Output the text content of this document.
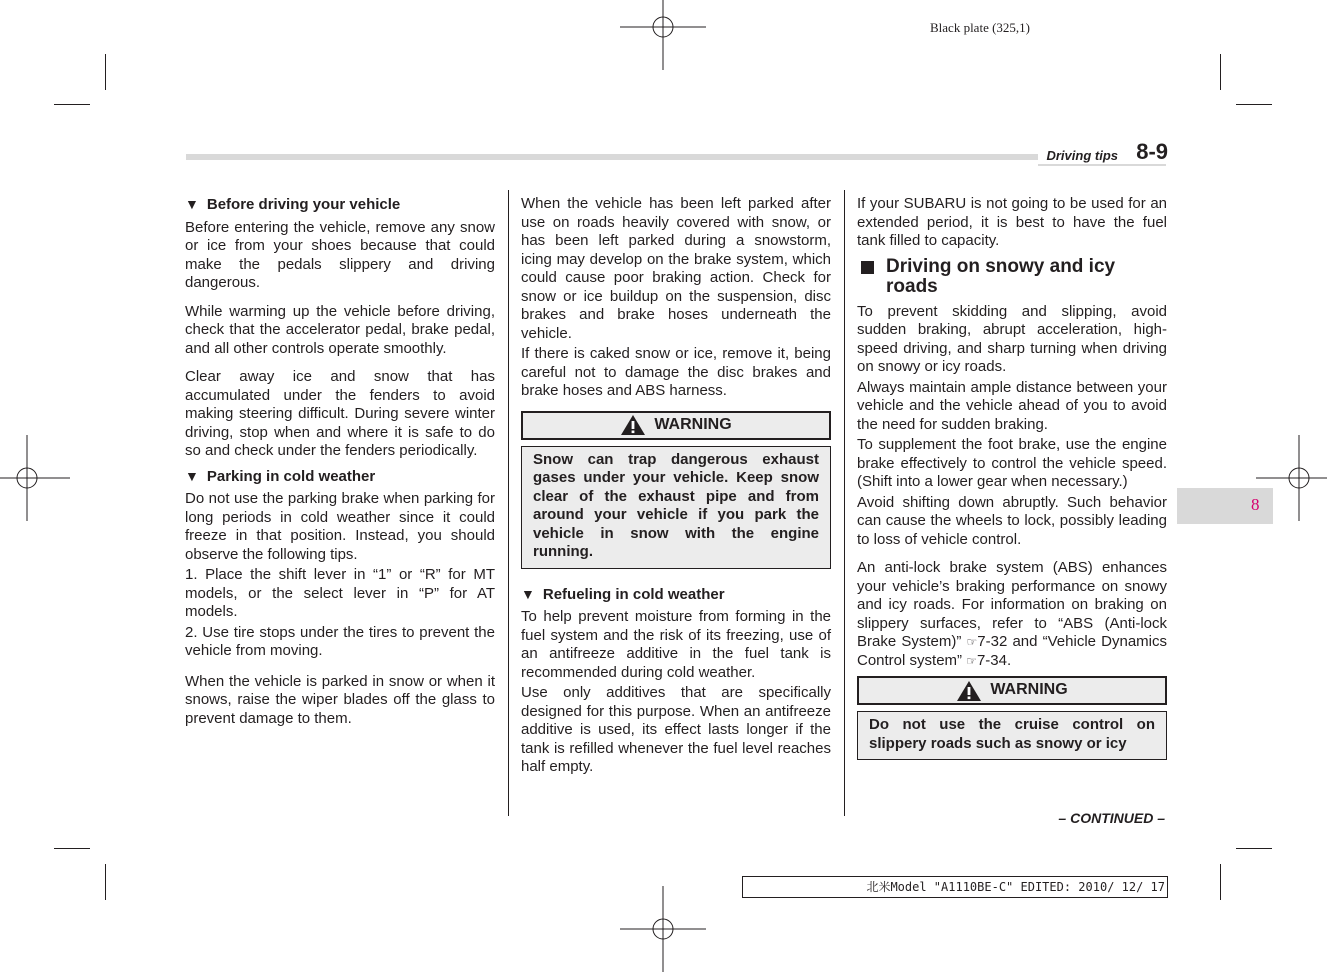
Black plate (325,1)
Driving tips 8-9
▼ Before driving your vehicle

Before entering the vehicle, remove any snow or ice from your shoes because that could make the pedals slippery and driving dangerous.

While warming up the vehicle before driving, check that the accelerator pedal, brake pedal, and all other controls operate smoothly.

Clear away ice and snow that has accumulated under the fenders to avoid making steering difficult. During severe winter driving, stop when and where it is safe to do so and check under the fenders periodically.

▼ Parking in cold weather

Do not use the parking brake when parking for long periods in cold weather since it could freeze in that position. Instead, you should observe the following tips.

1. Place the shift lever in “1” or “R” for MT models, or the select lever in “P” for AT models.

2. Use tire stops under the tires to prevent the vehicle from moving.

When the vehicle is parked in snow or when it snows, raise the wiper blades off the glass to prevent damage to them.

When the vehicle has been left parked after use on roads heavily covered with snow, or has been left parked during a snowstorm, icing may develop on the brake system, which could cause poor braking action. Check for snow or ice buildup on the suspension, disc brakes and brake hoses underneath the vehicle.

If there is caked snow or ice, remove it, being careful not to damage the disc brakes and brake hoses and ABS harness.

WARNING
Snow can trap dangerous exhaust gases under your vehicle. Keep snow clear of the exhaust pipe and from around your vehicle if you park the vehicle in snow with the engine running.
▼ Refueling in cold weather

To help prevent moisture from forming in the fuel system and the risk of its freezing, use of an antifreeze additive in the fuel tank is recommended during cold weather.

Use only additives that are specifically designed for this purpose. When an antifreeze additive is used, its effect lasts longer if the tank is refilled whenever the fuel level reaches half empty.

If your SUBARU is not going to be used for an extended period, it is best to have the fuel tank filled to capacity.

Driving on snowy and icy roads

To prevent skidding and slipping, avoid sudden braking, abrupt acceleration, high-speed driving, and sharp turning when driving on snowy or icy roads.

Always maintain ample distance between your vehicle and the vehicle ahead of you to avoid the need for sudden braking.

To supplement the foot brake, use the engine brake effectively to control the vehicle speed. (Shift into a lower gear when necessary.)

Avoid shifting down abruptly. Such behavior can cause the wheels to lock, possibly leading to loss of vehicle control.

An anti-lock brake system (ABS) enhances your vehicle’s braking performance on snowy and icy roads. For information on braking on slippery surfaces, refer to “ABS (Anti-lock Brake System)” ☞7-32 and “Vehicle Dynamics Control system” ☞7-34.

WARNING
Do not use the cruise control on slippery roads such as snowy or icy
8
– CONTINUED –
北米Model "A1110BE-C" EDITED: 2010/ 12/ 17
